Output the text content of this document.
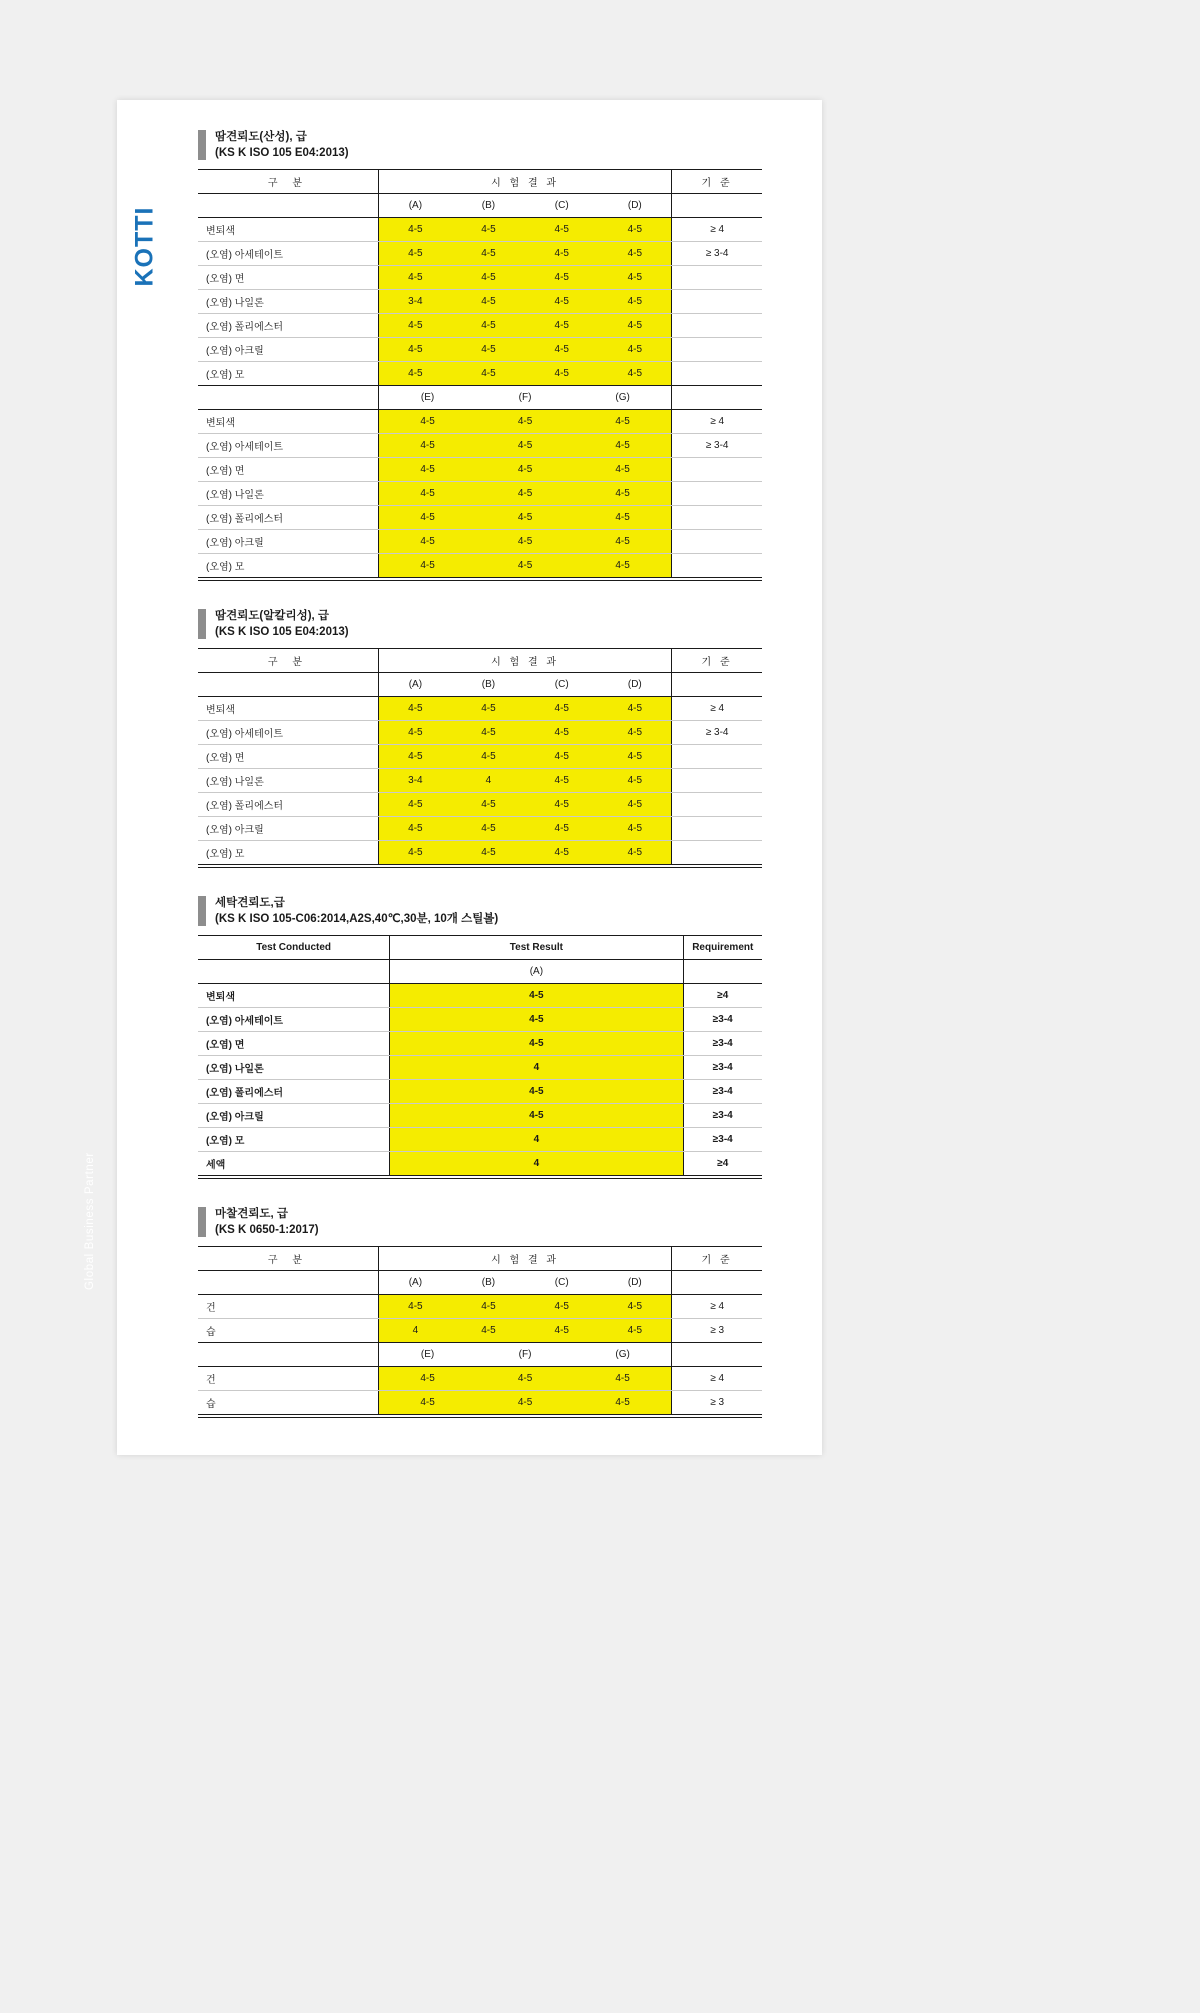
KOTTI
Global Business Partner
땀견뢰도(산성), 급
(KS K ISO 105 E04:2013)
구 분	시 험 결 과				기 준
	(A)	(B)	(C)	(D)	
변퇴색	4-5	4-5	4-5	4-5	≥ 4
(오염) 아세테이트	4-5	4-5	4-5	4-5	≥ 3-4
(오염) 면	4-5	4-5	4-5	4-5	
(오염) 나일론	3-4	4-5	4-5	4-5	
(오염) 폴리에스터	4-5	4-5	4-5	4-5	
(오염) 아크릴	4-5	4-5	4-5	4-5	
(오염) 모	4-5	4-5	4-5	4-5	
	(E)	(F)	(G)	
변퇴색	4-5	4-5	4-5	≥ 4
(오염) 아세테이트	4-5	4-5	4-5	≥ 3-4
(오염) 면	4-5	4-5	4-5	
(오염) 나일론	4-5	4-5	4-5	
(오염) 폴리에스터	4-5	4-5	4-5	
(오염) 아크릴	4-5	4-5	4-5	
(오염) 모	4-5	4-5	4-5	
땀견뢰도(알칼리성), 급
(KS K ISO 105 E04:2013)
구 분	시 험 결 과				기 준
	(A)	(B)	(C)	(D)	
변퇴색	4-5	4-5	4-5	4-5	≥ 4
(오염) 아세테이트	4-5	4-5	4-5	4-5	≥ 3-4
(오염) 면	4-5	4-5	4-5	4-5	
(오염) 나일론	3-4	4	4-5	4-5	
(오염) 폴리에스터	4-5	4-5	4-5	4-5	
(오염) 아크릴	4-5	4-5	4-5	4-5	
(오염) 모	4-5	4-5	4-5	4-5	
세탁견뢰도,급
(KS K ISO 105-C06:2014,A2S,40℃,30분, 10개 스틸볼)
Test Conducted	Test Result	Requirement
	(A)	
변퇴색	4-5	≥4
(오염) 아세테이트	4-5	≥3-4
(오염) 면	4-5	≥3-4
(오염) 나일론	4	≥3-4
(오염) 폴리에스터	4-5	≥3-4
(오염) 아크릴	4-5	≥3-4
(오염) 모	4	≥3-4
세액	4	≥4
마찰견뢰도, 급
(KS K 0650-1:2017)
구 분	시 험 결 과				기 준
	(A)	(B)	(C)	(D)	
건	4-5	4-5	4-5	4-5	≥ 4
습	4	4-5	4-5	4-5	≥ 3
	(E)	(F)	(G)	
건	4-5	4-5	4-5	≥ 4
습	4-5	4-5	4-5	≥ 3
